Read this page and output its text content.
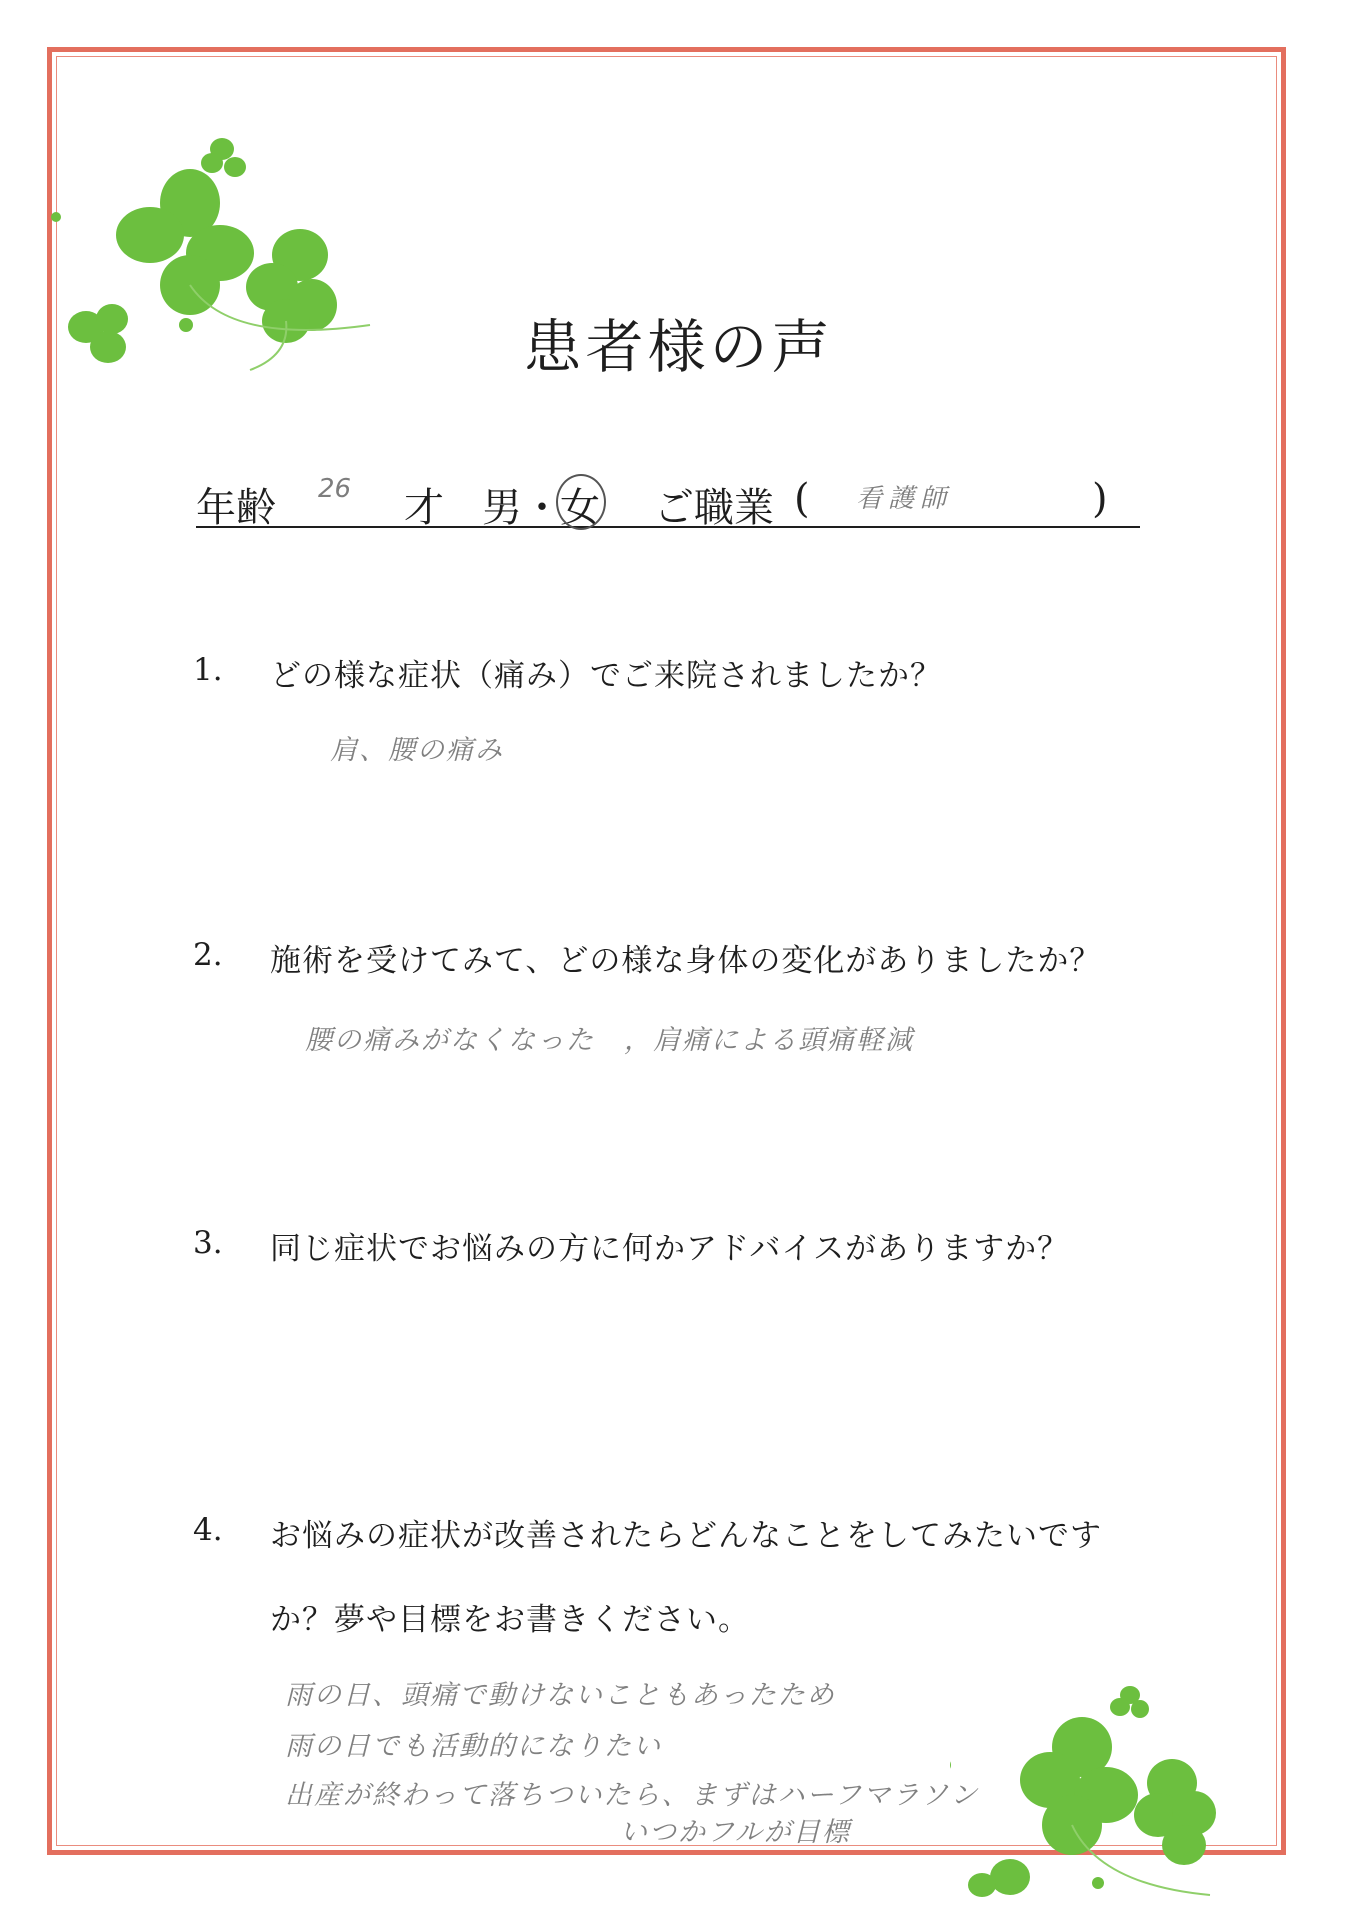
患者様の声
年齢 26 才 男 ・
女 ご職業 ( 看護師	)
1. どの様な症状（痛み）でご来院されましたか？
肩、腰の痛み
2. 施術を受けてみて、どの様な身体の変化がありましたか？
腰の痛みがなくなった　，肩痛による頭痛軽減
3. 同じ症状でお悩みの方に何かアドバイスがありますか？
4. お悩みの症状が改善されたらどんなことをしてみたいです
か？夢や目標をお書きください。
雨の日、頭痛で動けないこともあったため
雨の日でも活動的になりたい
出産が終わって落ちついたら、まずはハーフマラソン
いつかフルが目標
